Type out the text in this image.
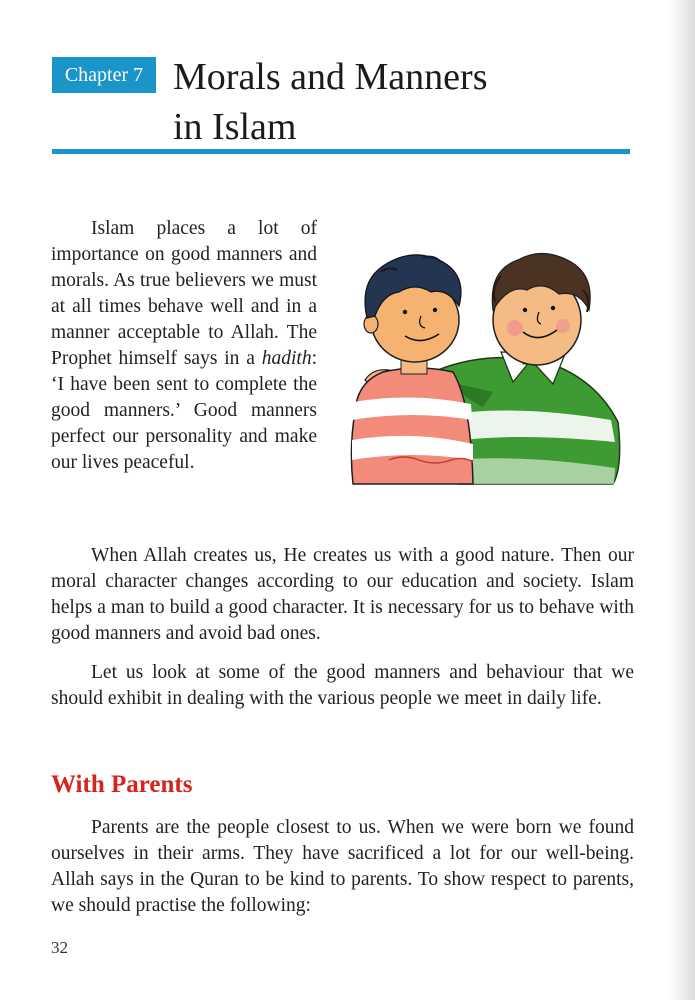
Chapter 7 Morals and Manners
in Islam

Islam places a lot of importance on good manners and morals. As true believers we must at all times behave well and in a manner acceptable to Allah. The Prophet himself says in a hadith: ‘I have been sent to complete the good manners.’ Good manners perfect our personality and make our lives peaceful.

When Allah creates us, He creates us with a good nature. Then our moral character changes according to our education and society. Islam helps a man to build a good character. It is necessary for us to behave with good manners and avoid bad ones.

Let us look at some of the good manners and behaviour that we should exhibit in dealing with the various people we meet in daily life.

With Parents

Parents are the people closest to us. When we were born we found ourselves in their arms. They have sacrificed a lot for our well-being. Allah says in the Quran to be kind to parents. To show respect to parents, we should practise the following:

32
